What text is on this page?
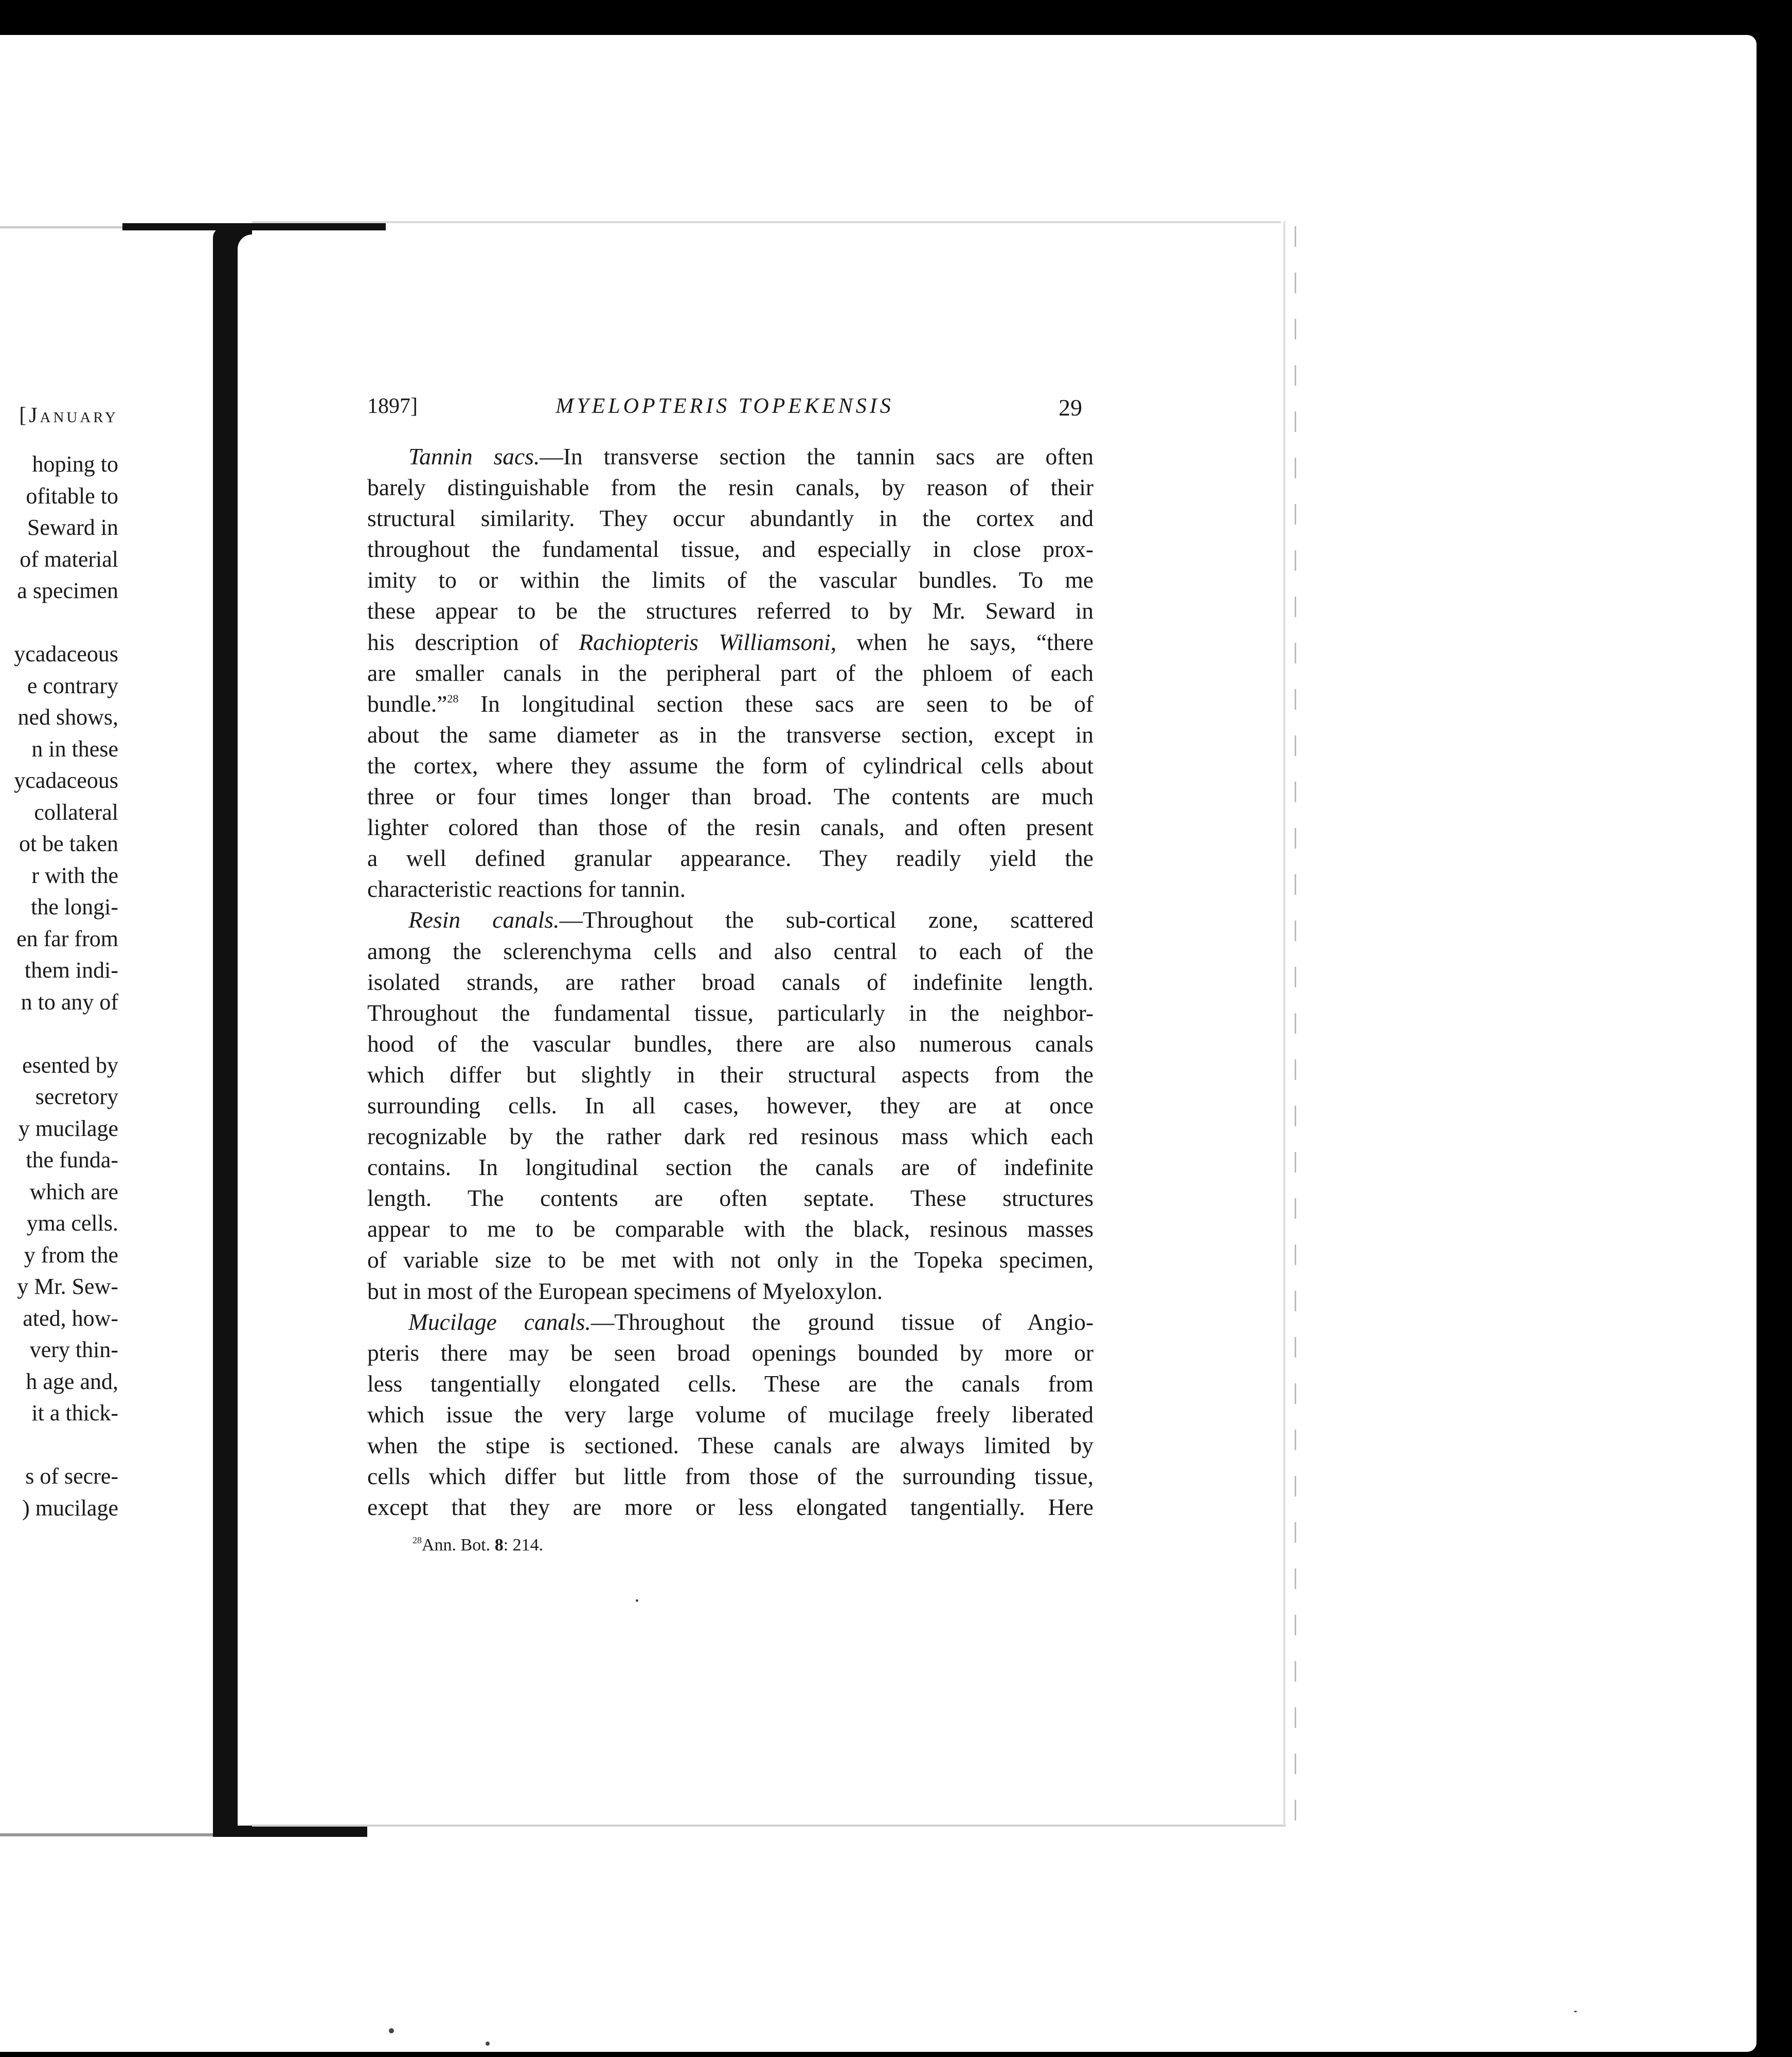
[January
hoping to
ofitable to
Seward in
of material
a specimen
ycadaceous
e contrary
ned shows,
n in these
ycadaceous
collateral
ot be taken
r with the
the longi-
en far from
them indi-
n to any of
esented by
secretory
y mucilage
the funda-
which are
yma cells.
y from the
y Mr. Sew-
ated, how-
very thin-
h age and,
it a thick-
s of secre-
) mucilage
1897]	MYELOPTERIS TOPEKENSIS	29
Tannin sacs.—In transverse section the tannin sacs are often
barely distinguishable from the resin canals, by reason of their
structural similarity. They occur abundantly in the cortex and
throughout the fundamental tissue, and especially in close prox-
imity to or within the limits of the vascular bundles. To me
these appear to be the structures referred to by Mr. Seward in
his description of Rachiopteris Williamsoni, when he says, “there
are smaller canals in the peripheral part of the phloem of each
bundle.”$^{28}$ In longitudinal section these sacs are seen to be of
about the same diameter as in the transverse section, except in
the cortex, where they assume the form of cylindrical cells about
three or four times longer than broad. The contents are much
lighter colored than those of the resin canals, and often present
a well defined granular appearance. They readily yield the
characteristic reactions for tannin.
Resin canals.—Throughout the sub-cortical zone, scattered
among the sclerenchyma cells and also central to each of the
isolated strands, are rather broad canals of indefinite length.
Throughout the fundamental tissue, particularly in the neighbor-
hood of the vascular bundles, there are also numerous canals
which differ but slightly in their structural aspects from the
surrounding cells. In all cases, however, they are at once
recognizable by the rather dark red resinous mass which each
contains. In longitudinal section the canals are of indefinite
length. The contents are often septate. These structures
appear to me to be comparable with the black, resinous masses
of variable size to be met with not only in the Topeka specimen,
but in most of the European specimens of Myeloxylon.
Mucilage canals.—Throughout the ground tissue of Angio-
pteris there may be seen broad openings bounded by more or
less tangentially elongated cells. These are the canals from
which issue the very large volume of mucilage freely liberated
when the stipe is sectioned. These canals are always limited by
cells which differ but little from those of the surrounding tissue,
except that they are more or less elongated tangentially. Here
$^{28}$Ann. Bot. 8: 214.
